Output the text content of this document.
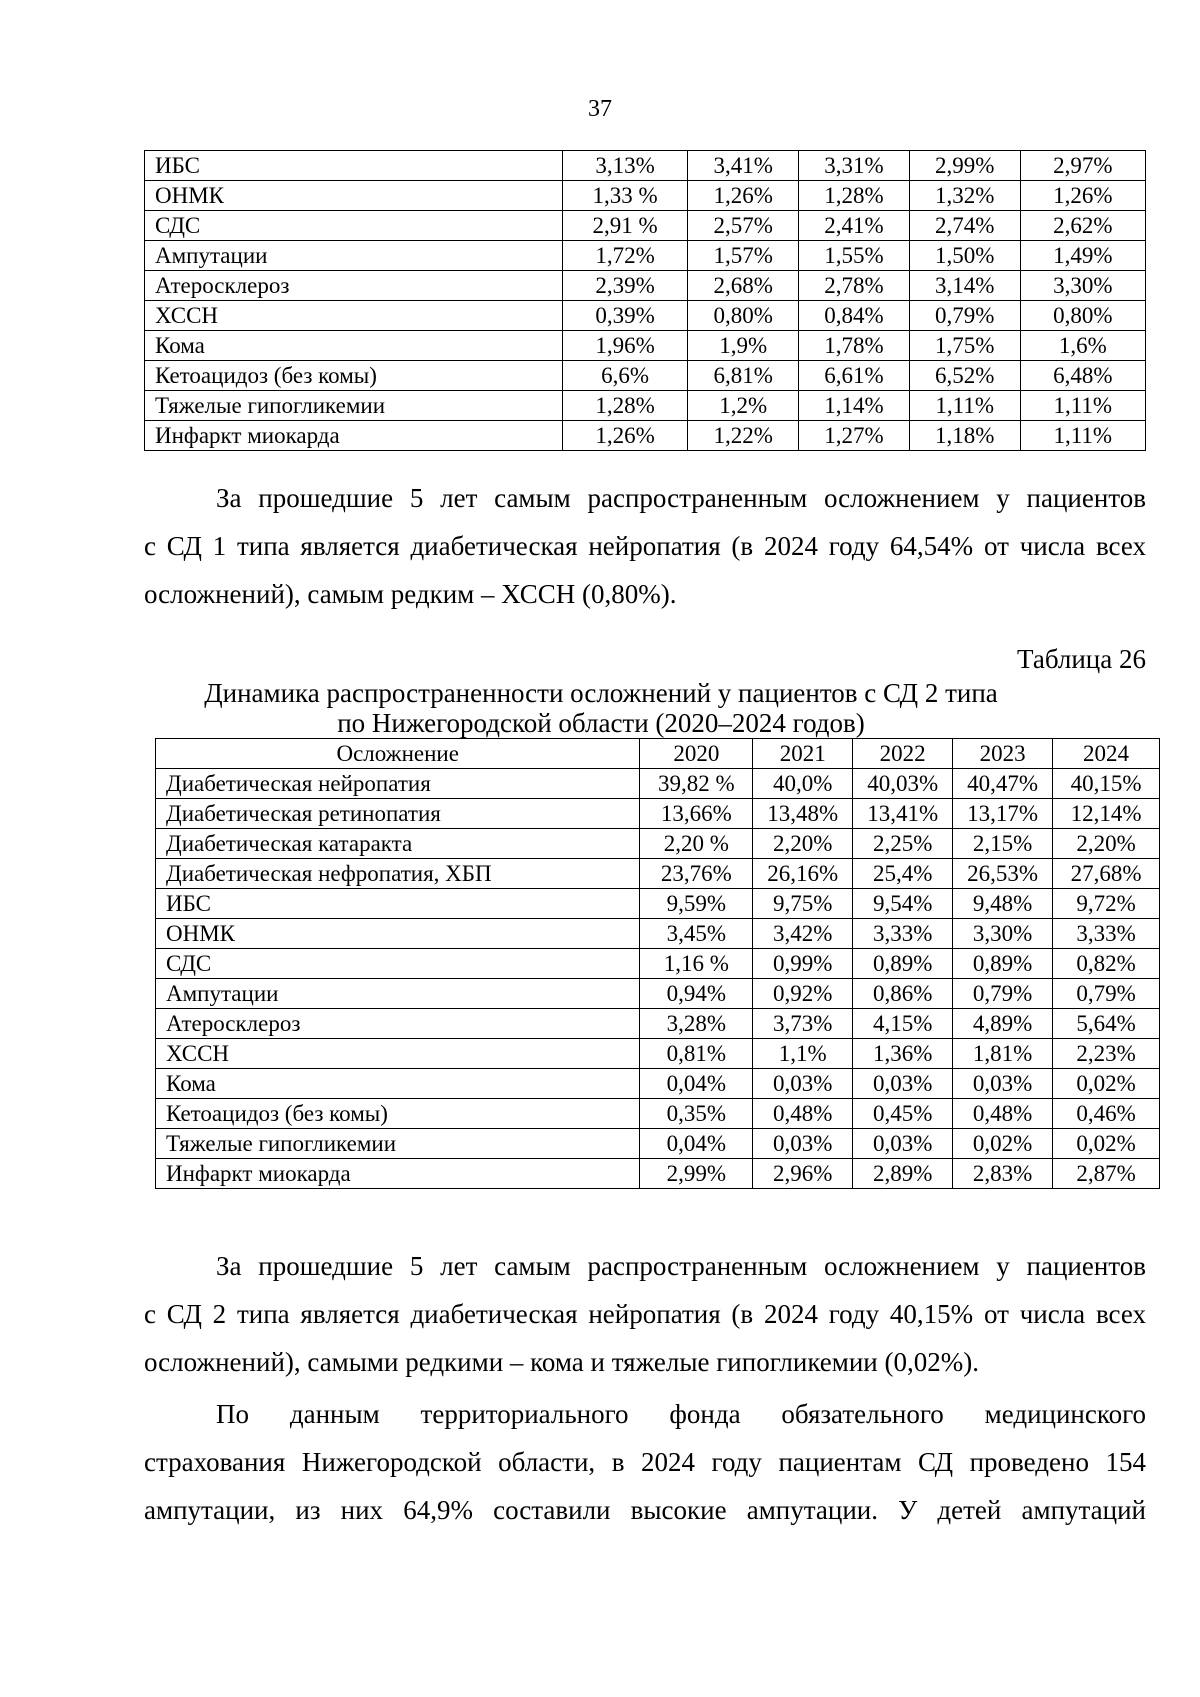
37
ИБС	3,13%	3,41%	3,31%	2,99%	2,97%
ОНМК	1,33 %	1,26%	1,28%	1,32%	1,26%
СДС	2,91 %	2,57%	2,41%	2,74%	2,62%
Ампутации	1,72%	1,57%	1,55%	1,50%	1,49%
Атеросклероз	2,39%	2,68%	2,78%	3,14%	3,30%
ХССН	0,39%	0,80%	0,84%	0,79%	0,80%
Кома	1,96%	1,9%	1,78%	1,75%	1,6%
Кетоацидоз (без комы)	6,6%	6,81%	6,61%	6,52%	6,48%
Тяжелые гипогликемии	1,28%	1,2%	1,14%	1,11%	1,11%
Инфаркт миокарда	1,26%	1,22%	1,27%	1,18%	1,11%
За прошедшие 5 лет самым распространенным осложнением у пациентов
с СД 1 типа является диабетическая нейропатия (в 2024 году 64,54% от числа всех
осложнений), самым редким – ХССН (0,80%).
Таблица 26
Динамика распространенности осложнений у пациентов с СД 2 типа
по Нижегородской области (2020–2024 годов)
Осложнение	2020	2021	2022	2023	2024
Диабетическая нейропатия	39,82 %	40,0%	40,03%	40,47%	40,15%
Диабетическая ретинопатия	13,66%	13,48%	13,41%	13,17%	12,14%
Диабетическая катаракта	2,20 %	2,20%	2,25%	2,15%	2,20%
Диабетическая нефропатия, ХБП	23,76%	26,16%	25,4%	26,53%	27,68%
ИБС	9,59%	9,75%	9,54%	9,48%	9,72%
ОНМК	3,45%	3,42%	3,33%	3,30%	3,33%
СДС	1,16 %	0,99%	0,89%	0,89%	0,82%
Ампутации	0,94%	0,92%	0,86%	0,79%	0,79%
Атеросклероз	3,28%	3,73%	4,15%	4,89%	5,64%
ХССН	0,81%	1,1%	1,36%	1,81%	2,23%
Кома	0,04%	0,03%	0,03%	0,03%	0,02%
Кетоацидоз (без комы)	0,35%	0,48%	0,45%	0,48%	0,46%
Тяжелые гипогликемии	0,04%	0,03%	0,03%	0,02%	0,02%
Инфаркт миокарда	2,99%	2,96%	2,89%	2,83%	2,87%
За прошедшие 5 лет самым распространенным осложнением у пациентов
с СД 2 типа является диабетическая нейропатия (в 2024 году 40,15% от числа всех
осложнений), самыми редкими – кома и тяжелые гипогликемии (0,02%).
По данным территориального фонда обязательного медицинского
страхования Нижегородской области, в 2024 году пациентам СД проведено 154
ампутации, из них 64,9% составили высокие ампутации. У детей ампутаций
